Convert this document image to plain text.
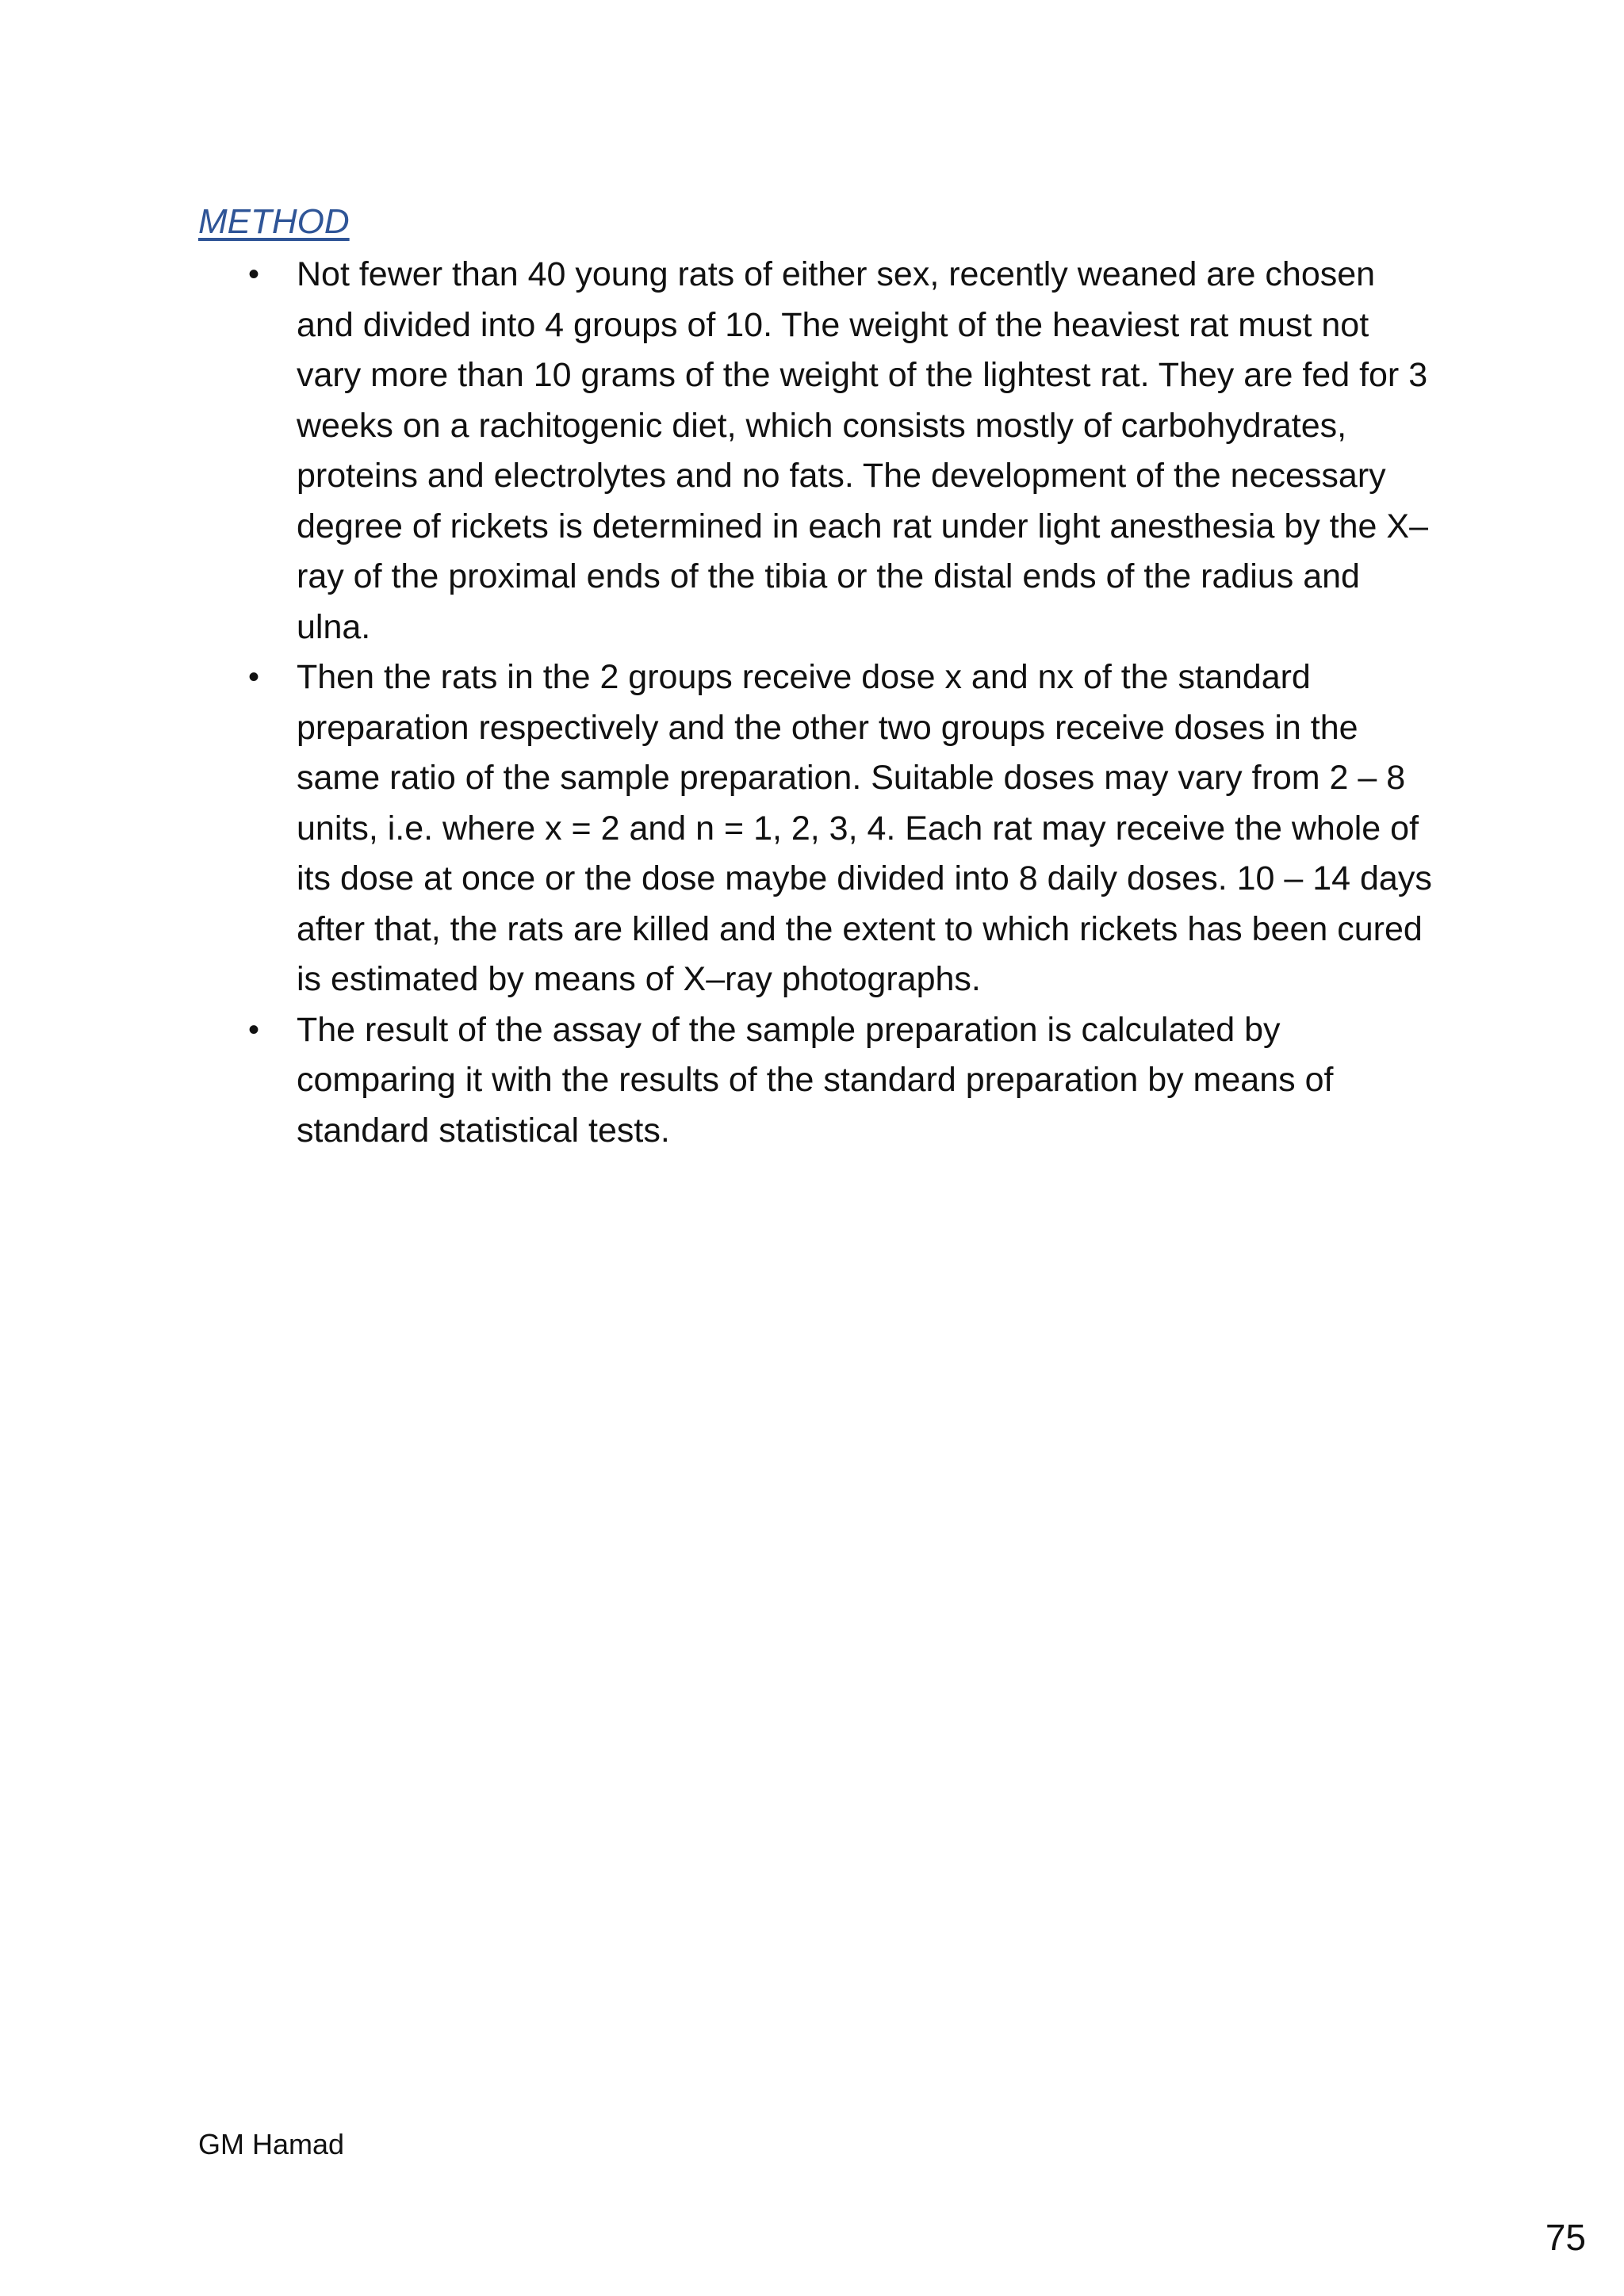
METHOD
• Not fewer than 40 young rats of either sex, recently weaned are chosen and divided into 4 groups of 10. The weight of the heaviest rat must not vary more than 10 grams of the weight of the lightest rat. They are fed for 3 weeks on a rachitogenic diet, which consists mostly of carbohydrates, proteins and electrolytes and no fats. The development of the necessary degree of rickets is determined in each rat under light anesthesia by the X–ray of the proximal ends of the tibia or the distal ends of the radius and ulna.
• Then the rats in the 2 groups receive dose x and nx of the standard preparation respectively and the other two groups receive doses in the same ratio of the sample preparation. Suitable doses may vary from 2 – 8 units, i.e. where x = 2 and n = 1, 2, 3, 4. Each rat may receive the whole of its dose at once or the dose maybe divided into 8 daily doses. 10 – 14 days after that, the rats are killed and the extent to which rickets has been cured is estimated by means of X–ray photographs.
• The result of the assay of the sample preparation is calculated by comparing it with the results of the standard preparation by means of standard statistical tests.

GM Hamad

75
